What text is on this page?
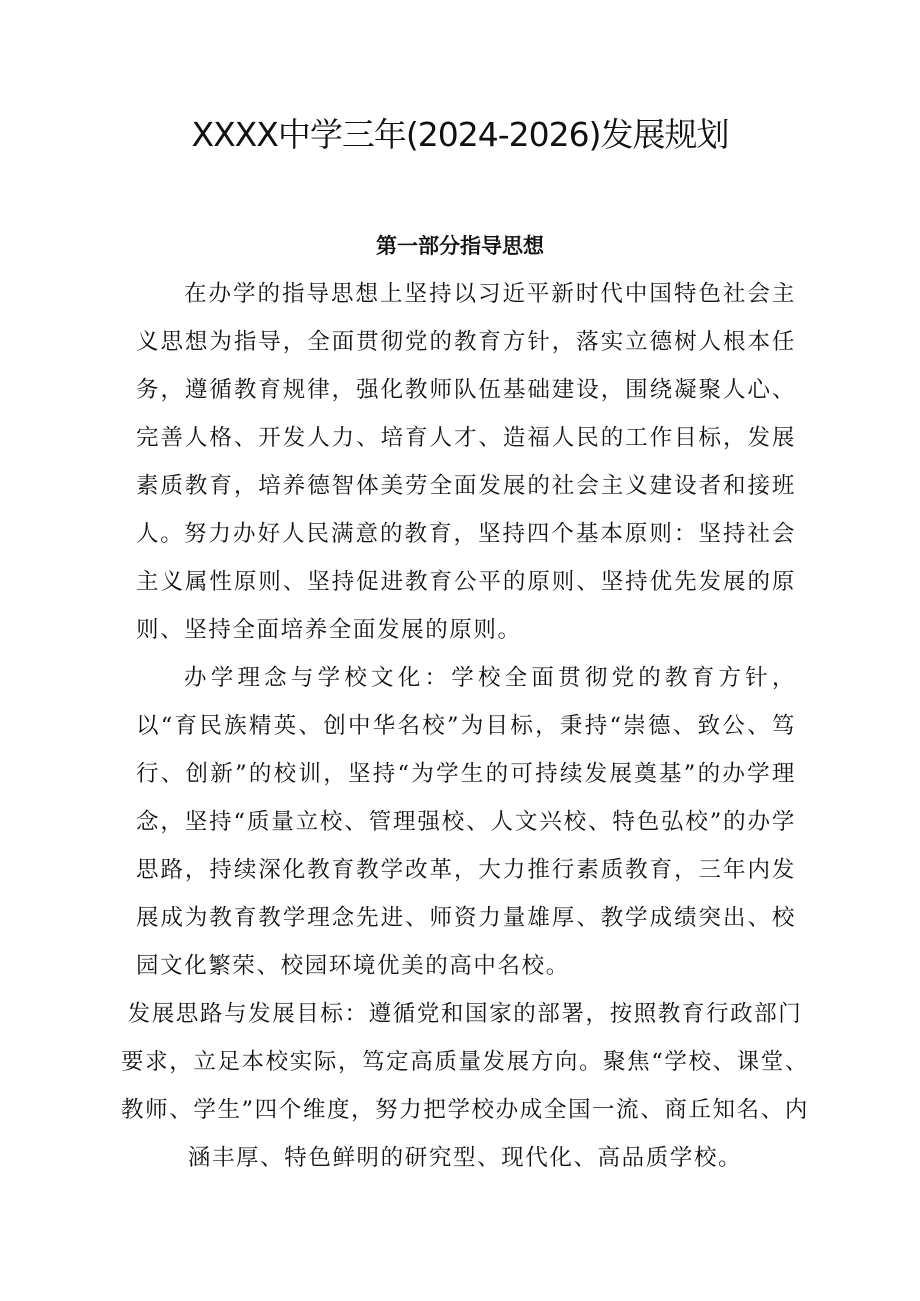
XXXX中学三年(2024-2026)发展规划
第一部分指导思想

在办学的指导思想上坚持以习近平新时代中国特色社会主义思想为指导，全面贯彻党的教育方针，落实立德树人根本任务，遵循教育规律，强化教师队伍基础建设，围绕凝聚人心、完善人格、开发人力、培育人才、造福人民的工作目标，发展素质教育，培养德智体美劳全面发展的社会主义建设者和接班人。 努力办好人民满意的教育，坚持四个基本原则：坚持社会主义属性原则、坚持促进教育公平的原则、坚持优先发展的原则、坚持全面培养全面发展的原则。

办学理念与学校文化：学校全面贯彻党的教育方针，以“育民族精英、创中华名校”为目标，秉持“崇德、致公、笃行、创新”的校训，坚持“为学生的可持续发展奠基”的办学理念，坚持“质量立校、管理强校、人文兴校、特色弘校”的办学思路，持续深化教育教学改革，大力推行素质教育，三年内发展成为教育教学理念先进、师资力量雄厚、教学成绩突出、校园文化繁荣、校园环境优美的高中名校。

发展思路与发展目标：遵循党和国家的部署，按照教育行政部门要求，立足本校实际，笃定高质量发展方向。聚焦“学校、课堂、教师、学生”四个维度，努力把学校办成全国一流、商丘知名、内涵丰厚、特色鲜明的研究型、现代化、高品质学校。
